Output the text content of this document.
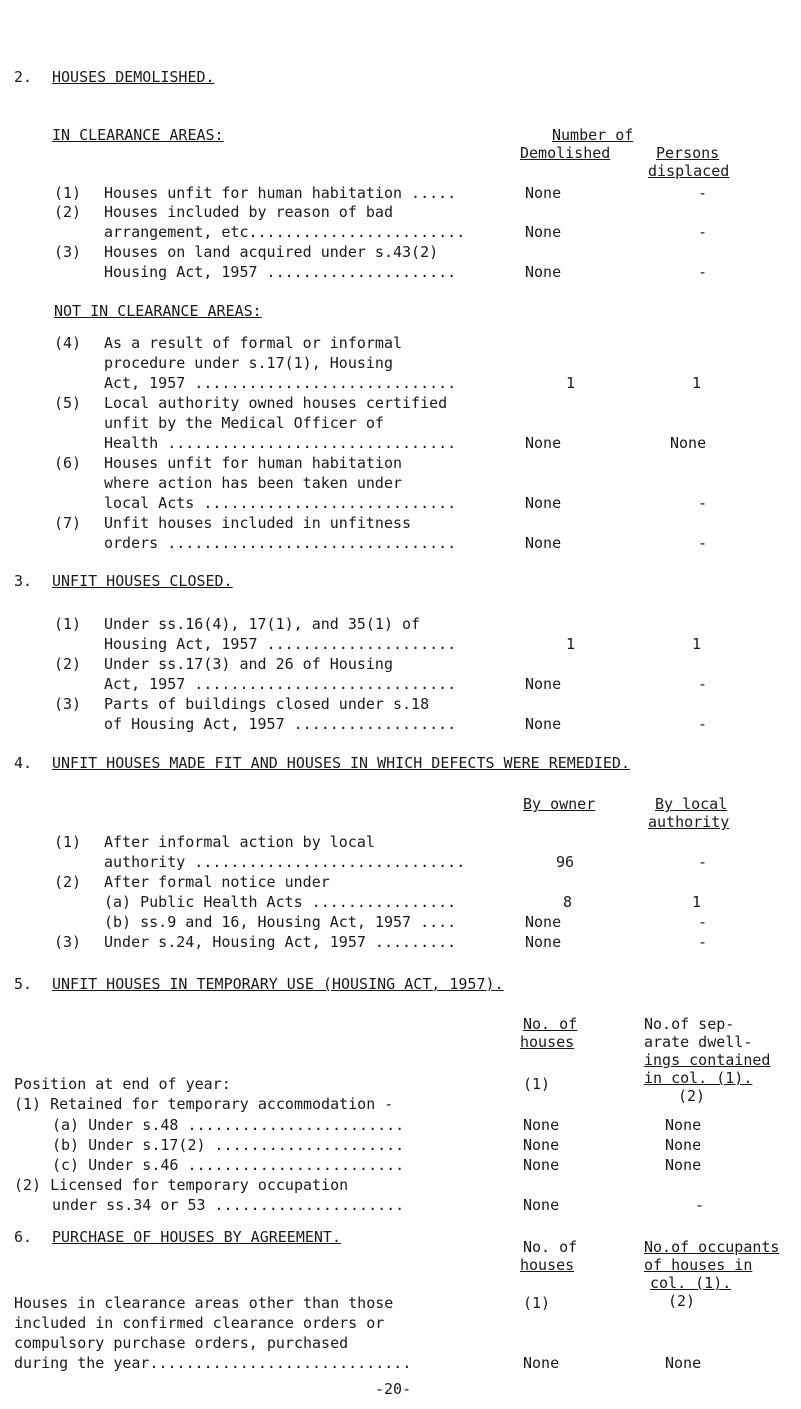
2. HOUSES DEMOLISHED.
IN CLEARANCE AREAS:	Number of
Demolished	Persons
displaced
(1) Houses unfit for human habitation .....	None	-
(2) Houses included by reason of bad
arrangement, etc........................	None	-
(3) Houses on land acquired under s.43(2)
Housing Act, 1957 .....................	None	-
NOT IN CLEARANCE AREAS:
(4) As a result of formal or informal
procedure under s.17(1), Housing
Act, 1957 .............................	1	1
(5) Local authority owned houses certified
unfit by the Medical Officer of
Health ................................	None	None
(6) Houses unfit for human habitation
where action has been taken under
local Acts ............................	None	-
(7) Unfit houses included in unfitness
orders ................................	None	-
3. UNFIT HOUSES CLOSED.
(1) Under ss.16(4), 17(1), and 35(1) of
Housing Act, 1957 .....................	1	1
(2) Under ss.17(3) and 26 of Housing
Act, 1957 .............................	None	-
(3) Parts of buildings closed under s.18
of Housing Act, 1957 ..................	None	-
4. UNFIT HOUSES MADE FIT AND HOUSES IN WHICH DEFECTS WERE REMEDIED.
By owner	By local
authority
(1) After informal action by local
authority ..............................	96	-
(2) After formal notice under
(a) Public Health Acts ................	8	1
(b) ss.9 and 16, Housing Act, 1957 ....	None	-
(3) Under s.24, Housing Act, 1957 .........	None	-
5. UNFIT HOUSES IN TEMPORARY USE (HOUSING ACT, 1957).
No. of
houses
No.of sep-
arate dwell-
ings contained
in col. (1).
(1)
(2)
Position at end of year:
(1) Retained for temporary accommodation -
(a) Under s.48 ........................	None	None
(b) Under s.17(2) .....................	None	None
(c) Under s.46 ........................	None	None
(2) Licensed for temporary occupation
under ss.34 or 53 .....................	None	-
6. PURCHASE OF HOUSES BY AGREEMENT.
No. of
houses
No.of occupants
of houses in
col. (1).
(1)	(2)
Houses in clearance areas other than those
included in confirmed clearance orders or
compulsory purchase orders, purchased
during the year.............................	None	None
-20-
